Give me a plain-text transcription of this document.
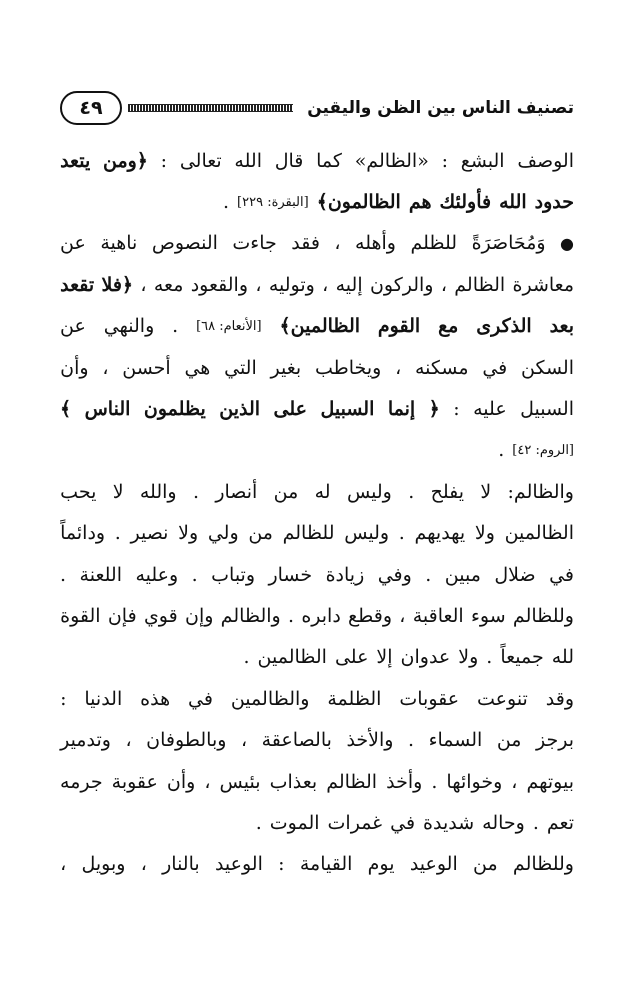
تصنيف الناس بين الظن واليقين
٤٩
الوصف
البشع
:
«الظالم»
كما
قال
الله
تعالى
:
﴿ومن
يتعد
حدود
الله
فأولئك
هم
الظالمون﴾
[البقرة: ٢٢٩]
.
●
وَمُحَاصَرَةً
للظلم
وأهله
،
فقد
جاءت
النصوص
ناهية
عن
معاشرة
الظالم
،
والركون
إليه
،
وتوليه
،
والقعود
معه
،
﴿فلا
تقعد
بعد
الذكرى
مع
القوم
الظالمين﴾
[الأنعام: ٦٨]
.
والنهي
عن
السكن
في
مسكنه
،
ويخاطب
بغير
التي
هي
أحسن
،
وأن
السبيل
عليه
:
﴿
إنما
السبيل
على
الذين
يظلمون
الناس
﴾
[الروم: ٤٢]
.
والظالم:
لا
يفلح
.
وليس
له
من
أنصار
.
والله
لا
يحب
الظالمين
ولا
يهديهم
.
وليس
للظالم
من
ولي
ولا
نصير
.
ودائماً
في
ضلال
مبين
.
وفي
زيادة
خسار
وتباب
.
وعليه
اللعنة
.
وللظالم
سوء
العاقبة
،
وقطع
دابره
.
والظالم
وإن
قوي
فإن
القوة
لله
جميعاً
.
ولا
عدوان
إلا
على
الظالمين
.
وقد
تنوعت
عقوبات
الظلمة
والظالمين
في
هذه
الدنيا
:
برجز
من
السماء
.
والأخذ
بالصاعقة
،
وبالطوفان
،
وتدمير
بيوتهم
،
وخوائها
.
وأخذ
الظالم
بعذاب
بئيس
،
وأن
عقوبة
جرمه
تعم
.
وحاله
شديدة
في
غمرات
الموت
.
وللظالم
من
الوعيد
يوم
القيامة
:
الوعيد
بالنار
،
وبويل
،
